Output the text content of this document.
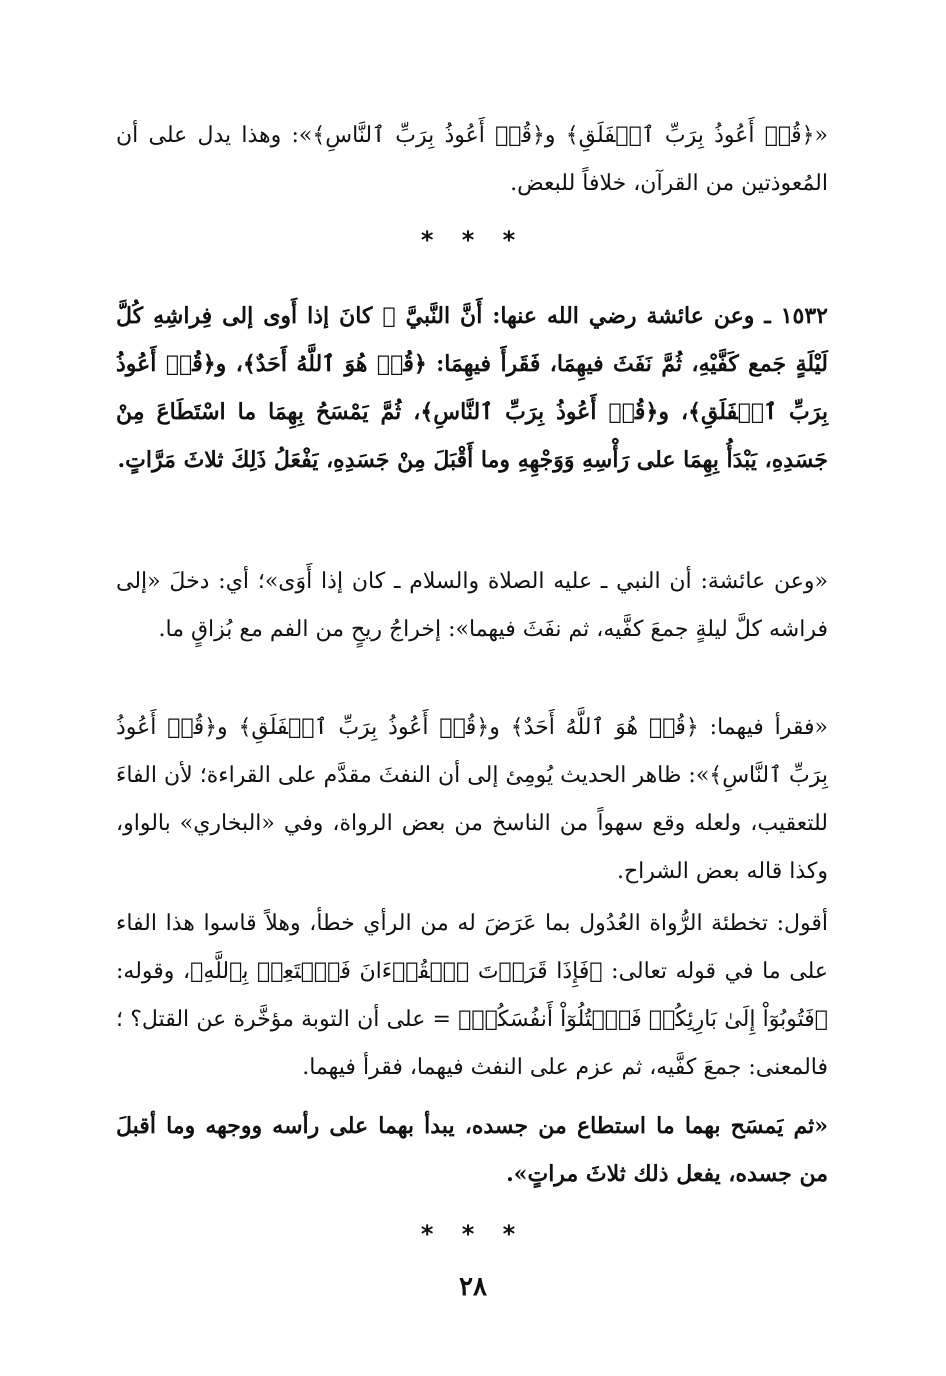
«﴿قُلۡ أَعُوذُ بِرَبِّ ٱلۡفَلَقِ﴾ و﴿قُلۡ أَعُوذُ بِرَبِّ ٱلنَّاسِ﴾»: وهذا يدل على أن المُعوذتين من القرآن، خلافاً للبعض.

* * *

١٥٣٢ ـ وعن عائشة رضي الله عنها: أَنَّ النَّبيَّ ﷺ كانَ إذا أَوى إلى فِراشِهِ كُلَّ لَيْلَةٍ جَمع كَفَّيْهِ، ثُمَّ نَفَثَ فيهِمَا، فَقَرأَ فيهِمَا: ﴿قُلۡ هُوَ ٱللَّهُ أَحَدٌ﴾، و﴿قُلۡ أَعُوذُ بِرَبِّ ٱلۡفَلَقِ﴾، و﴿قُلۡ أَعُوذُ بِرَبِّ ٱلنَّاسِ﴾، ثُمَّ يَمْسَحُ بِهِمَا ما اسْتَطَاعَ مِنْ جَسَدِهِ، يَبْدَأُ بِهِمَا على رَأْسِهِ وَوَجْهِهِ وما أَقْبَلَ مِنْ جَسَدِهِ، يَفْعَلُ ذَلِكَ ثلاثَ مَرَّاتٍ.

«وعن عائشة: أن النبي ـ عليه الصلاة والسلام ـ كان إذا أَوَى»؛ أي: دخلَ «إلى فراشه كلَّ ليلةٍ جمعَ كفَّيه، ثم نفَثَ فيهما»: إخراجُ ريحٍ من الفم مع بُزاقٍ ما.

«فقرأ فيهما: ﴿قُلۡ هُوَ ٱللَّهُ أَحَدٌ﴾ و﴿قُلۡ أَعُوذُ بِرَبِّ ٱلۡفَلَقِ﴾ و﴿قُلۡ أَعُوذُ بِرَبِّ ٱلنَّاسِ﴾»: ظاهر الحديث يُومِئ إلى أن النفثَ مقدَّم على القراءة؛ لأن الفاءَ للتعقيب، ولعله وقع سهواً من الناسخ من بعض الرواة، وفي «البخاري» بالواو، وكذا قاله بعض الشراح.

أقول: تخطئة الرُّواة العُدُول بما عَرَضَ له من الرأي خطأ، وهلاً قاسوا هذا الفاء على ما في قوله تعالى: ﴿فَإِذَا قَرَأۡتَ ٱلۡقُرۡءَانَ فَٱسۡتَعِذۡ بِٱللَّهِ﴾، وقوله: ﴿فَتُوبُوٓاْ إِلَىٰ بَارِئِكُمۡ فَٱقۡتُلُوٓاْ أَنفُسَكُمۡ﴾ = على أن التوبة مؤخَّرة عن القتل؟ ؛ فالمعنى: جمعَ كفَّيه، ثم عزم على النفث فيهما، فقرأ فيهما.

«ثم يَمسَح بهما ما استطاع من جسده، يبدأ بهما على رأسه ووجهه وما أقبلَ من جسده، يفعل ذلك ثلاثَ مراتٍ».

* * *
٢٨
